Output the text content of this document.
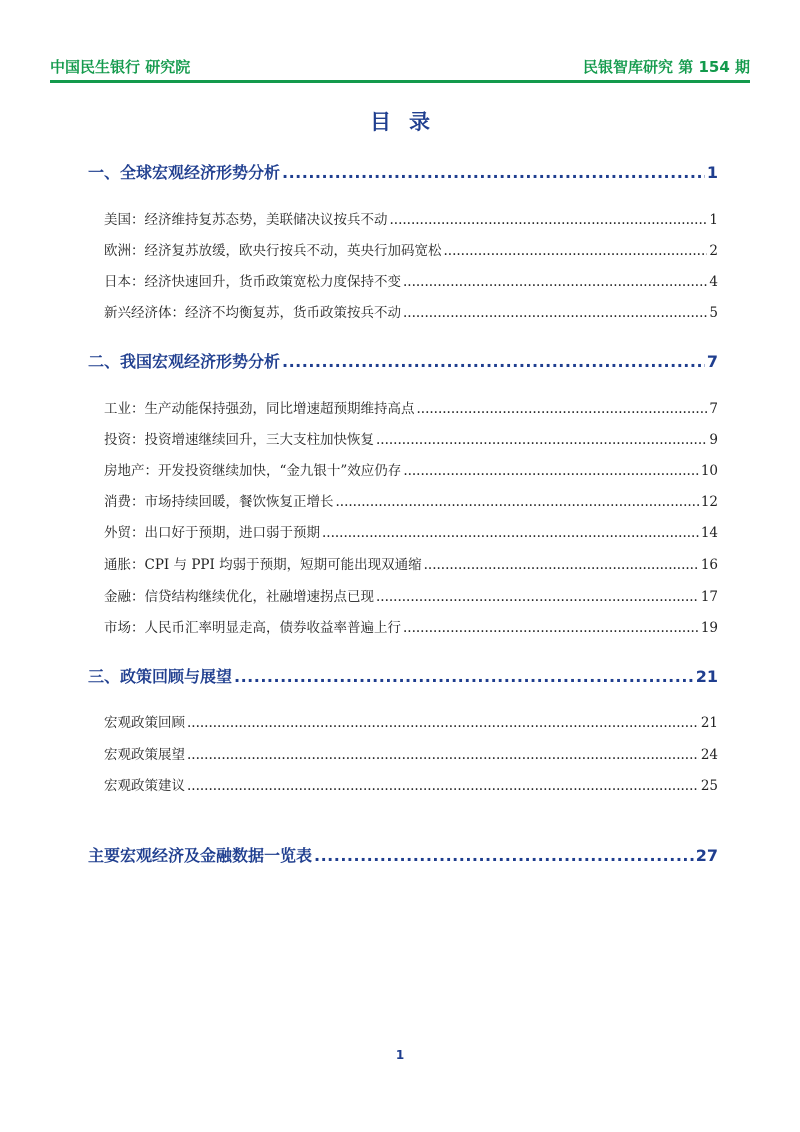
中国民生银行 研究院	民银智库研究 第 154 期
目录
一、全球宏观经济形势分析 .....	1
美国：经济维持复苏态势，美联储决议按兵不动 .....	1
欧洲：经济复苏放缓，欧央行按兵不动，英央行加码宽松 .....	2
日本：经济快速回升，货币政策宽松力度保持不变 .....	4
新兴经济体：经济不均衡复苏，货币政策按兵不动 .....	5
二、我国宏观经济形势分析 .....	7
工业：生产动能保持强劲，同比增速超预期维持高点 .....	7
投资：投资增速继续回升，三大支柱加快恢复 .....	9
房地产：开发投资继续加快，“金九银十”效应仍存 .....	10
消费：市场持续回暖，餐饮恢复正增长 .....	12
外贸：出口好于预期，进口弱于预期 .....	14
通胀：CPI 与 PPI 均弱于预期，短期可能出现双通缩 .....	16
金融：信贷结构继续优化，社融增速拐点已现 .....	17
市场：人民币汇率明显走高，债券收益率普遍上行 .....	19
三、政策回顾与展望 .....	21
宏观政策回顾 .....	21
宏观政策展望 .....	24
宏观政策建议 .....	25
主要宏观经济及金融数据一览表 .....	27
1
